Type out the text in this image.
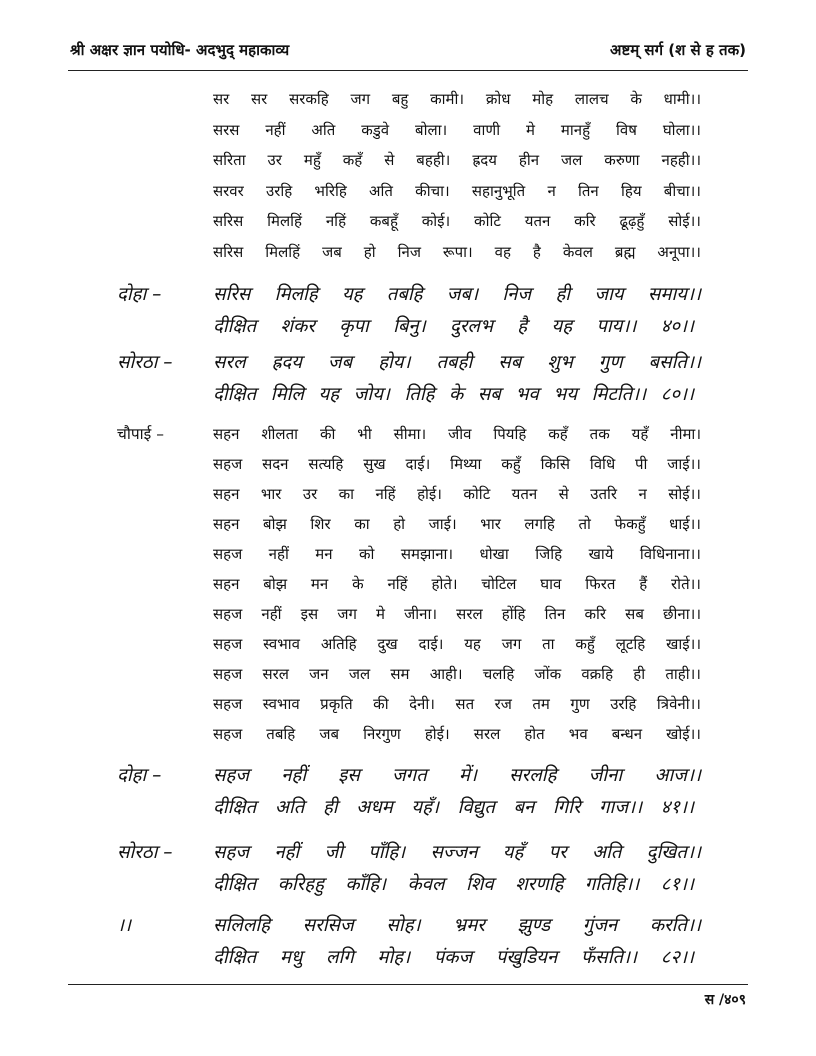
श्री अक्षर ज्ञान पयोधि- अदभुद् महाकाव्य	अष्टम् सर्ग (श से ह तक)
सर सर सरकहि जग बहु कामी। क्रोध मोह लालच के धामी।।
सरस नहीं अति कडुवे बोला। वाणी मे मानहुँ विष घोला।।
सरिता उर महुँ कहँ से बहही। ह्रदय हीन जल करुणा नहही।।
सरवर उरहि भरिहि अति कीचा। सहानुभूति न तिन हिय बीचा।।
सरिस मिलहिं नहिं कबहूँ कोई। कोटि यतन करि ढूढ़हुँ सोई।।
सरिस मिलहिं जब हो निज रूपा। वह है केवल ब्रह्म अनूपा।।
दोहा –	सरिस मिलहि यह तबहि जब। निज ही जाय समाय।।
दीक्षित शंकर कृपा बिनु। दुरलभ है यह पाय।। ४०।।
सोरठा – सरल ह्रदय जब होय। तबही सब शुभ गुण बसति।।
दीक्षित मिलि यह जोय। तिहि के सब भव भय मिटति।। ८०।।
चौपाई –	सहन शीलता की भी सीमा। जीव पियहि कहँ तक यहँ नीमा।
सहज सदन सत्यहि सुख दाई। मिथ्या कहुँ किसि विधि पी जाई।।
सहन भार उर का नहिं होई। कोटि यतन से उतरि न सोई।।
सहन बोझ शिर का हो जाई। भार लगहि तो फेकहुँ धाई।।
सहज नहीं मन को समझाना। धोखा जिहि खाये विधिनाना।।
सहन बोझ मन के नहिं होते। चोटिल घाव फिरत हैं रोते।।
सहज नहीं इस जग मे जीना। सरल होंहि तिन करि सब छीना।।
सहज स्वभाव अतिहि दुख दाई। यह जग ता कहुँ लूटहि खाई।।
सहज सरल जन जल सम आही। चलहि जोंक वक्रहि ही ताही।।
सहज स्वभाव प्रकृति की देनी। सत रज तम गुण उरहि त्रिवेनी।।
सहज तबहि जब निरगुण होई। सरल होत भव बन्धन खोई।।
दोहा –	सहज नहीं इस जगत में। सरलहि जीना आज।।
दीक्षित अति ही अधम यहँ। विद्युत बन गिरि गाज।। ४१।।
सोरठा – सहज नहीं जी पाँहि। सज्जन यहँ पर अति दुखित।।
दीक्षित करिहहु काँहि। केवल शिव शरणहि गतिहि।। ८१।।
।।	सलिलहि सरसिज सोह। भ्रमर झुण्ड गुंजन करति।।
दीक्षित मधु लगि मोह। पंकज पंखुडियन फँसति।। ८२।।
स /४०९
